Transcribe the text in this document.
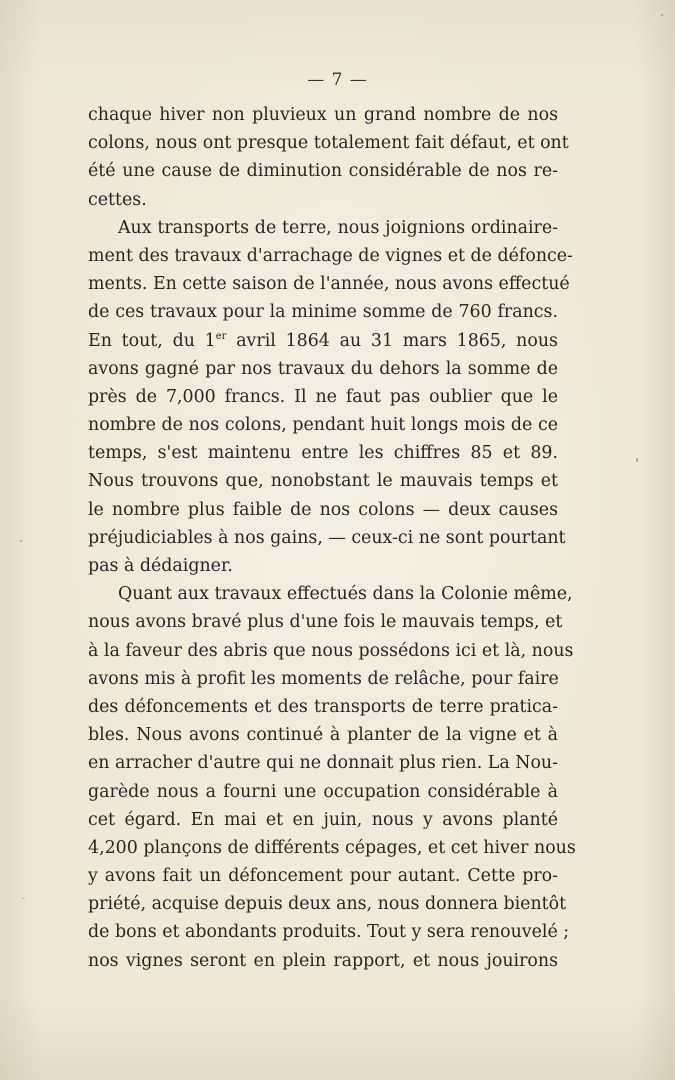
— 7 —
chaque hiver non pluvieux un grand nombre de nos
colons, nous ont presque totalement fait défaut, et ont
été une cause de diminution considérable de nos re-
cettes.
Aux transports de terre, nous joignions ordinaire-
ment des travaux d'arrachage de vignes et de défonce-
ments. En cette saison de l'année, nous avons effectué
de ces travaux pour la minime somme de 760 francs.
En tout, du 1er avril 1864 au 31 mars 1865, nous
avons gagné par nos travaux du dehors la somme de
près de 7,000 francs. Il ne faut pas oublier que le
nombre de nos colons, pendant huit longs mois de ce
temps, s'est maintenu entre les chiffres 85 et 89.
Nous trouvons que, nonobstant le mauvais temps et
le nombre plus faible de nos colons — deux causes
préjudiciables à nos gains, — ceux-ci ne sont pourtant
pas à dédaigner.
Quant aux travaux effectués dans la Colonie même,
nous avons bravé plus d'une fois le mauvais temps, et
à la faveur des abris que nous possédons ici et là, nous
avons mis à profit les moments de relâche, pour faire
des défoncements et des transports de terre pratica-
bles. Nous avons continué à planter de la vigne et à
en arracher d'autre qui ne donnait plus rien. La Nou-
garède nous a fourni une occupation considérable à
cet égard. En mai et en juin, nous y avons planté
4,200 plançons de différents cépages, et cet hiver nous
y avons fait un défoncement pour autant. Cette pro-
priété, acquise depuis deux ans, nous donnera bientôt
de bons et abondants produits. Tout y sera renouvelé ;
nos vignes seront en plein rapport, et nous jouirons
